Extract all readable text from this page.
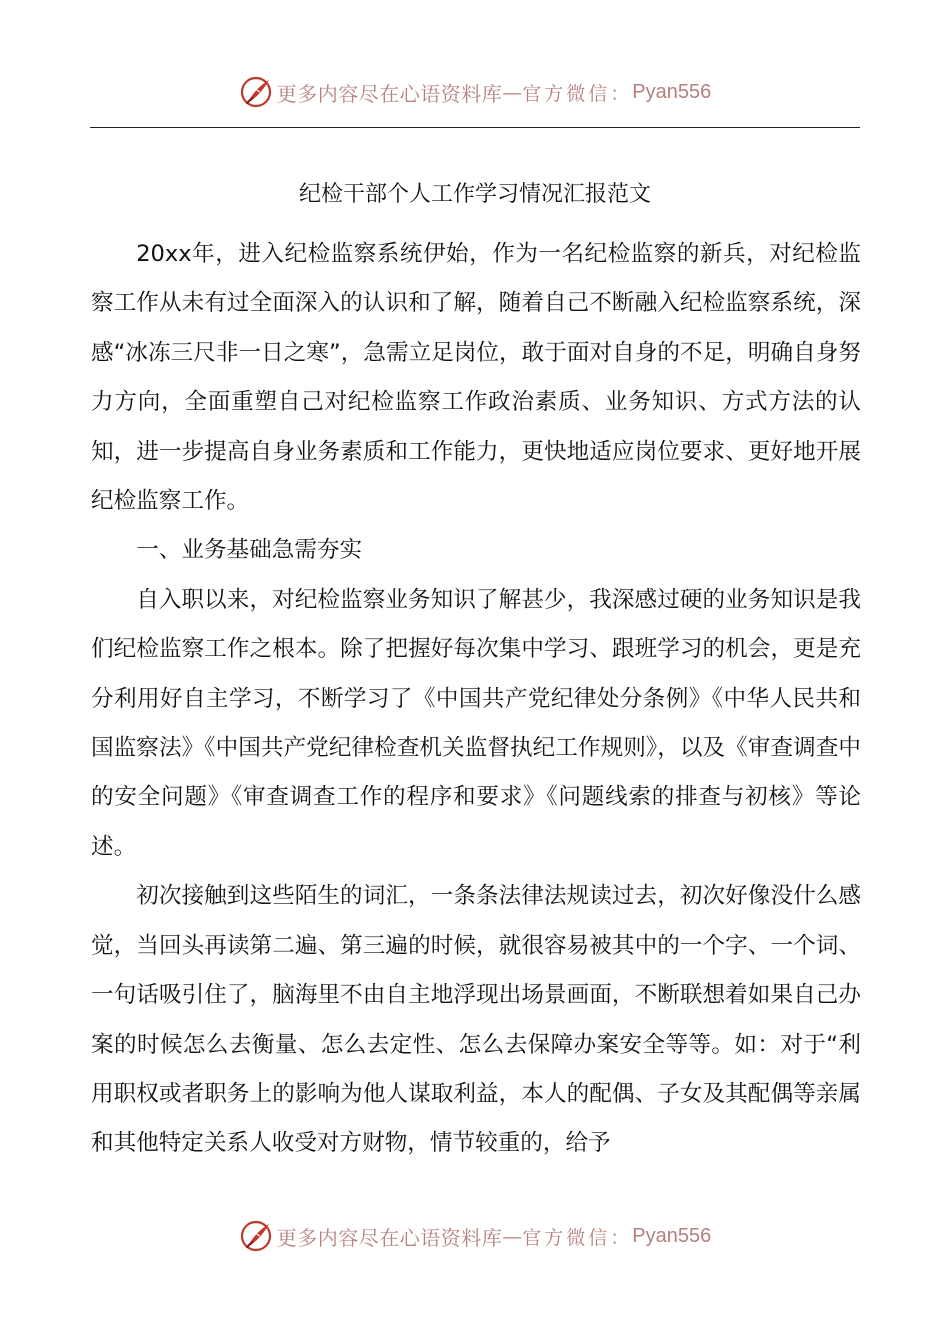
更多内容尽在心语资料库 — 官方微信： Pyan556
纪检干部个人工作学习情况汇报范文

20xx年，进入纪检监察系统伊始，作为一名纪检监察的新兵，对纪检监察工作从未有过全面深入的认识和了解，随着自己不断融入纪检监察系统，深感“冰冻三尺非一日之寒”，急需立足岗位，敢于面对自身的不足，明确自身努力方向，全面重塑自己对纪检监察工作政治素质、业务知识、方式方法的认知，进一步提高自身业务素质和工作能力，更快地适应岗位要求、更好地开展纪检监察工作。

一、业务基础急需夯实

自入职以来，对纪检监察业务知识了解甚少，我深感过硬的业务知识是我们纪检监察工作之根本。除了把握好每次集中学习、跟班学习的机会，更是充分利用好自主学习，不断学习了《中国共产党纪律处分条例》《中华人民共和国监察法》《中国共产党纪律检查机关监督执纪工作规则》，以及《审查调查中的安全问题》《审查调查工作的程序和要求》《问题线索的排查与初核》等论述。

初次接触到这些陌生的词汇，一条条法律法规读过去，初次好像没什么感觉，当回头再读第二遍、第三遍的时候，就很容易被其中的一个字、一个词、一句话吸引住了，脑海里不由自主地浮现出场景画面，不断联想着如果自己办案的时候怎么去衡量、怎么去定性、怎么去保障办案安全等等。如：对于“利用职权或者职务上的影响为他人谋取利益，本人的配偶、子女及其配偶等亲属和其他特定关系人收受对方财物，情节较重的，给予

更多内容尽在心语资料库 — 官方微信： Pyan556
